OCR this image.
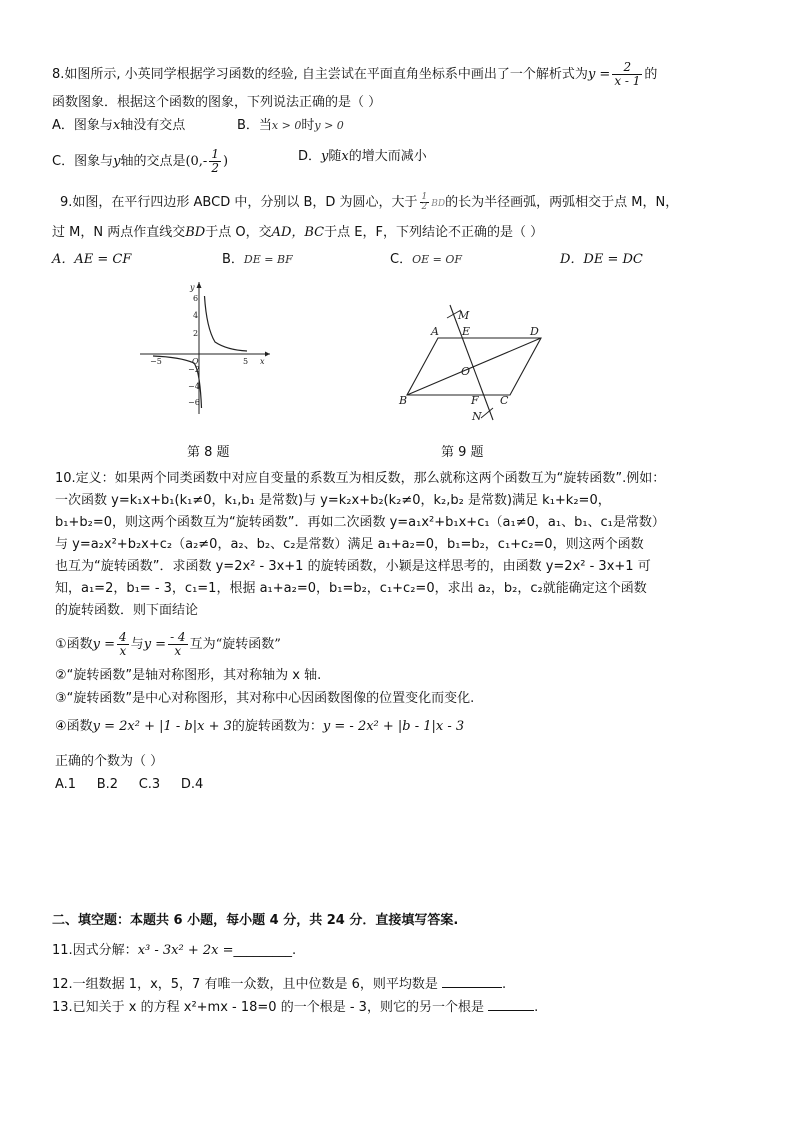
8.如图所示, 小英同学根据学习函数的经验, 自主尝试在平面直角坐标系中画出了一个解析式为$y = \frac{2}{x - 1}$ 的
函数图象．根据这个函数的图象，下列说法正确的是（ ）
A．图象与x轴没有交点	B．当x > 0时y > 0
C．图象与y轴的交点是($0,- \frac{1}{2}$ )	D．y随x的增大而减小
9.如图，在平行四边形 ABCD 中，分别以 B，D 为圆心，大于 $\frac{1}{2}$ BD的长为半径画弧，两弧相交于点 M，N，
过 M，N 两点作直线交BD于点 O，交AD，BC于点 E，F，下列结论不正确的是（ ）
A．AE = CF	B．DE = BF	C．OE = OF	D．DE = DC
y
x
O
6
4
2
−2
−4
−6
−5	5
第 8 题
M
A E	D
O
B	F C
N
第 9 题
10.定义：如果两个同类函数中对应自变量的系数互为相反数，那么就称这两个函数互为“旋转函数”.例如：
一次函数 y=k₁x+b₁(k₁≠0，k₁,b₁ 是常数)与 y=k₂x+b₂(k₂≠0，k₂,b₂ 是常数)满足 k₁+k₂=0，
b₁+b₂=0，则这两个函数互为“旋转函数”．再如二次函数 y=a₁x²+b₁x+c₁（a₁≠0，a₁、b₁、c₁是常数）
与 y=a₂x²+b₂x+c₂（a₂≠0，a₂、b₂、c₂是常数）满足 a₁+a₂=0，b₁=b₂，c₁+c₂=0，则这两个函数
也互为“旋转函数”．求函数 y=2x² - 3x+1 的旋转函数，小颖是这样思考的，由函数 y=2x² - 3x+1 可
知，a₁=2，b₁= - 3，c₁=1，根据 a₁+a₂=0，b₁=b₂，c₁+c₂=0，求出 a₂，b₂，c₂就能确定这个函数
的旋转函数．则下面结论
①函数$y = \frac{4}{x}$ 与$y = \frac{- 4}{x}$ 互为“旋转函数”
②“旋转函数”是轴对称图形，其对称轴为 x 轴.
③“旋转函数”是中心对称图形，其对称中心因函数图像的位置变化而变化.
④函数y = 2x² + |1 - b|x + 3的旋转函数为：y = - 2x² + |b - 1|x - 3
正确的个数为（ ）
A.1     B.2     C.3     D.4
二、填空题：本题共 6 小题，每小题 4 分，共 24 分．直接填写答案.
11.因式分解：x³ - 3x² + 2x =_________.
12.一组数据 1，x，5，7 有唯一众数，且中位数是 6，则平均数是	.
13.已知关于 x 的方程 x²+mx - 18=0 的一个根是 - 3，则它的另一个根是	.
